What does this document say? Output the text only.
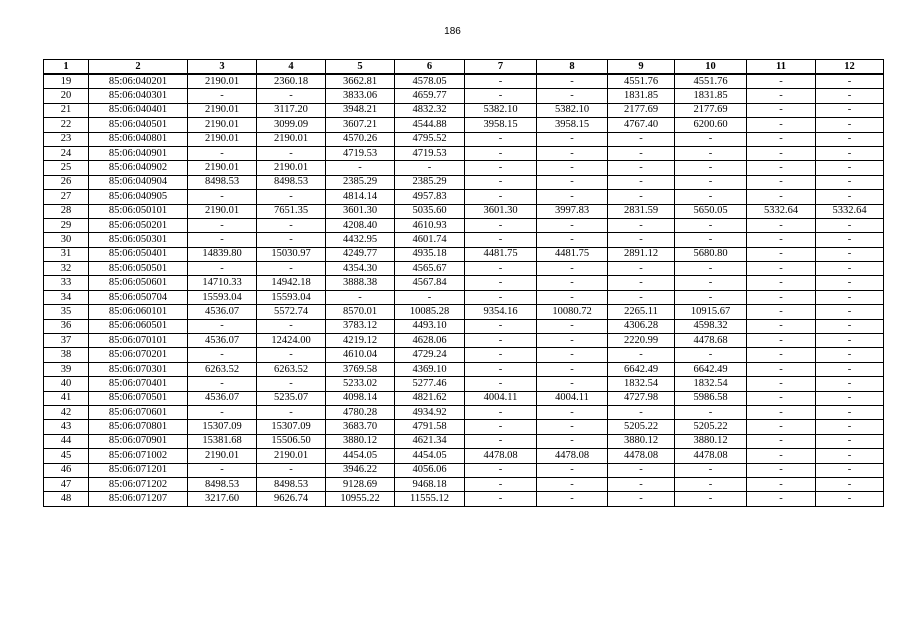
186
1	2	3	4	5	6	7	8	9	10	11	12
19	85:06:040201	2190.01	2360.18	3662.81	4578.05	-	-	4551.76	4551.76	-	-
20	85:06:040301	-	-	3833.06	4659.77	-	-	1831.85	1831.85	-	-
21	85:06:040401	2190.01	3117.20	3948.21	4832.32	5382.10	5382.10	2177.69	2177.69	-	-
22	85:06:040501	2190.01	3099.09	3607.21	4544.88	3958.15	3958.15	4767.40	6200.60	-	-
23	85:06:040801	2190.01	2190.01	4570.26	4795.52	-	-	-	-	-	-
24	85:06:040901	-	-	4719.53	4719.53	-	-	-	-	-	-
25	85:06:040902	2190.01	2190.01	-	-	-	-	-	-	-	-
26	85:06:040904	8498.53	8498.53	2385.29	2385.29	-	-	-	-	-	-
27	85:06:040905	-	-	4814.14	4957.83	-	-	-	-	-	-
28	85:06:050101	2190.01	7651.35	3601.30	5035.60	3601.30	3997.83	2831.59	5650.05	5332.64	5332.64
29	85:06:050201	-	-	4208.40	4610.93	-	-	-	-	-	-
30	85:06:050301	-	-	4432.95	4601.74	-	-	-	-	-	-
31	85:06:050401	14839.80	15030.97	4249.77	4935.18	4481.75	4481.75	2891.12	5680.80	-	-
32	85:06:050501	-	-	4354.30	4565.67	-	-	-	-	-	-
33	85:06:050601	14710.33	14942.18	3888.38	4567.84	-	-	-	-	-	-
34	85:06:050704	15593.04	15593.04	-	-	-	-	-	-	-	-
35	85:06:060101	4536.07	5572.74	8570.01	10085.28	9354.16	10080.72	2265.11	10915.67	-	-
36	85:06:060501	-	-	3783.12	4493.10	-	-	4306.28	4598.32	-	-
37	85:06:070101	4536.07	12424.00	4219.12	4628.06	-	-	2220.99	4478.68	-	-
38	85:06:070201	-	-	4610.04	4729.24	-	-	-	-	-	-
39	85:06:070301	6263.52	6263.52	3769.58	4369.10	-	-	6642.49	6642.49	-	-
40	85:06:070401	-	-	5233.02	5277.46	-	-	1832.54	1832.54	-	-
41	85:06:070501	4536.07	5235.07	4098.14	4821.62	4004.11	4004.11	4727.98	5986.58	-	-
42	85:06:070601	-	-	4780.28	4934.92	-	-	-	-	-	-
43	85:06:070801	15307.09	15307.09	3683.70	4791.58	-	-	5205.22	5205.22	-	-
44	85:06:070901	15381.68	15506.50	3880.12	4621.34	-	-	3880.12	3880.12	-	-
45	85:06:071002	2190.01	2190.01	4454.05	4454.05	4478.08	4478.08	4478.08	4478.08	-	-
46	85:06:071201	-	-	3946.22	4056.06	-	-	-	-	-	-
47	85:06:071202	8498.53	8498.53	9128.69	9468.18	-	-	-	-	-	-
48	85:06:071207	3217.60	9626.74	10955.22	11555.12	-	-	-	-	-	-
